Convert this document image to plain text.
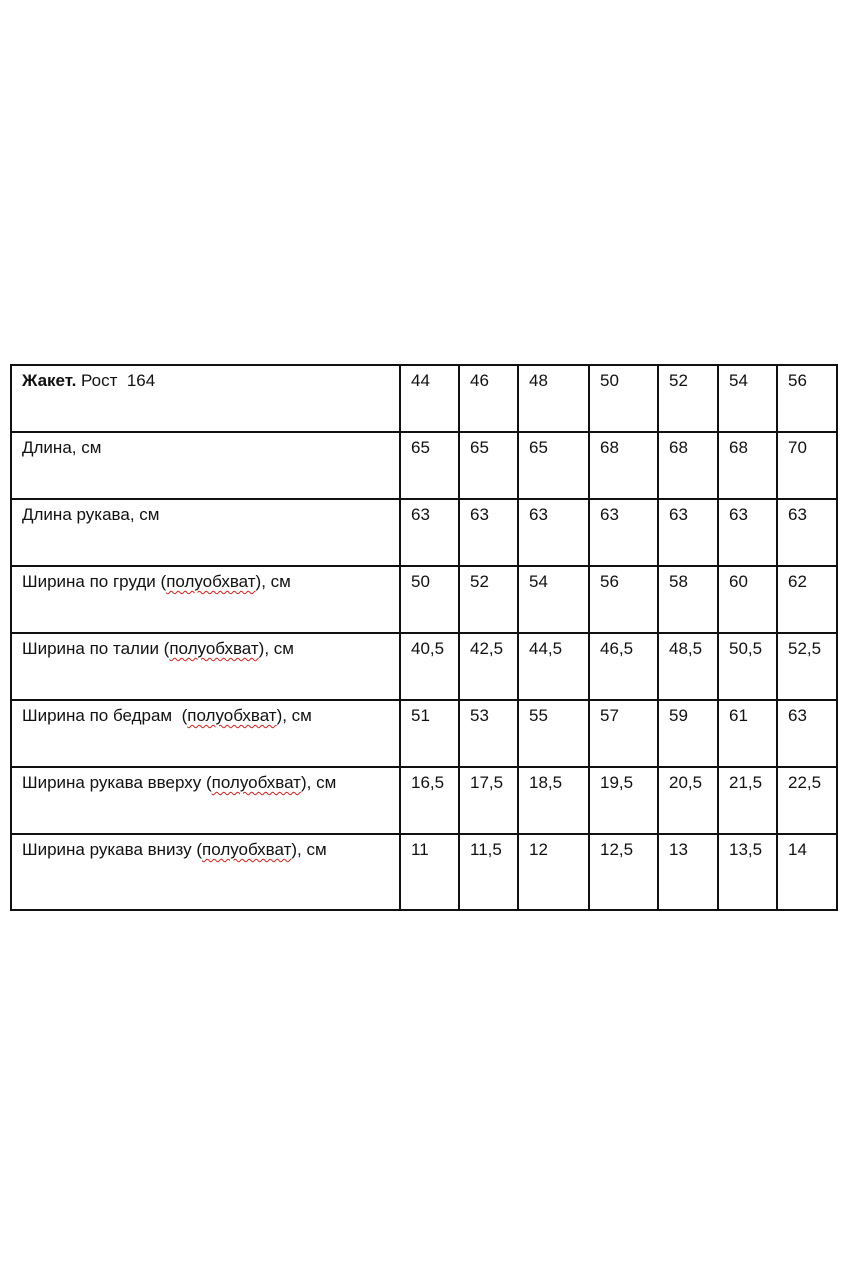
Жакет. Рост  164	44	46	48	50	52	54	56
Длина, см	65	65	65	68	68	68	70
Длина рукава, см	63	63	63	63	63	63	63
Ширина по груди (полуобхват), см	50	52	54	56	58	60	62
Ширина по талии (полуобхват), см	40,5	42,5	44,5	46,5	48,5	50,5	52,5
Ширина по бедрам  (полуобхват), см	51	53	55	57	59	61	63
Ширина рукава вверху (полуобхват), см	16,5	17,5	18,5	19,5	20,5	21,5	22,5
Ширина рукава внизу (полуобхват), см	11	11,5	12	12,5	13	13,5	14
